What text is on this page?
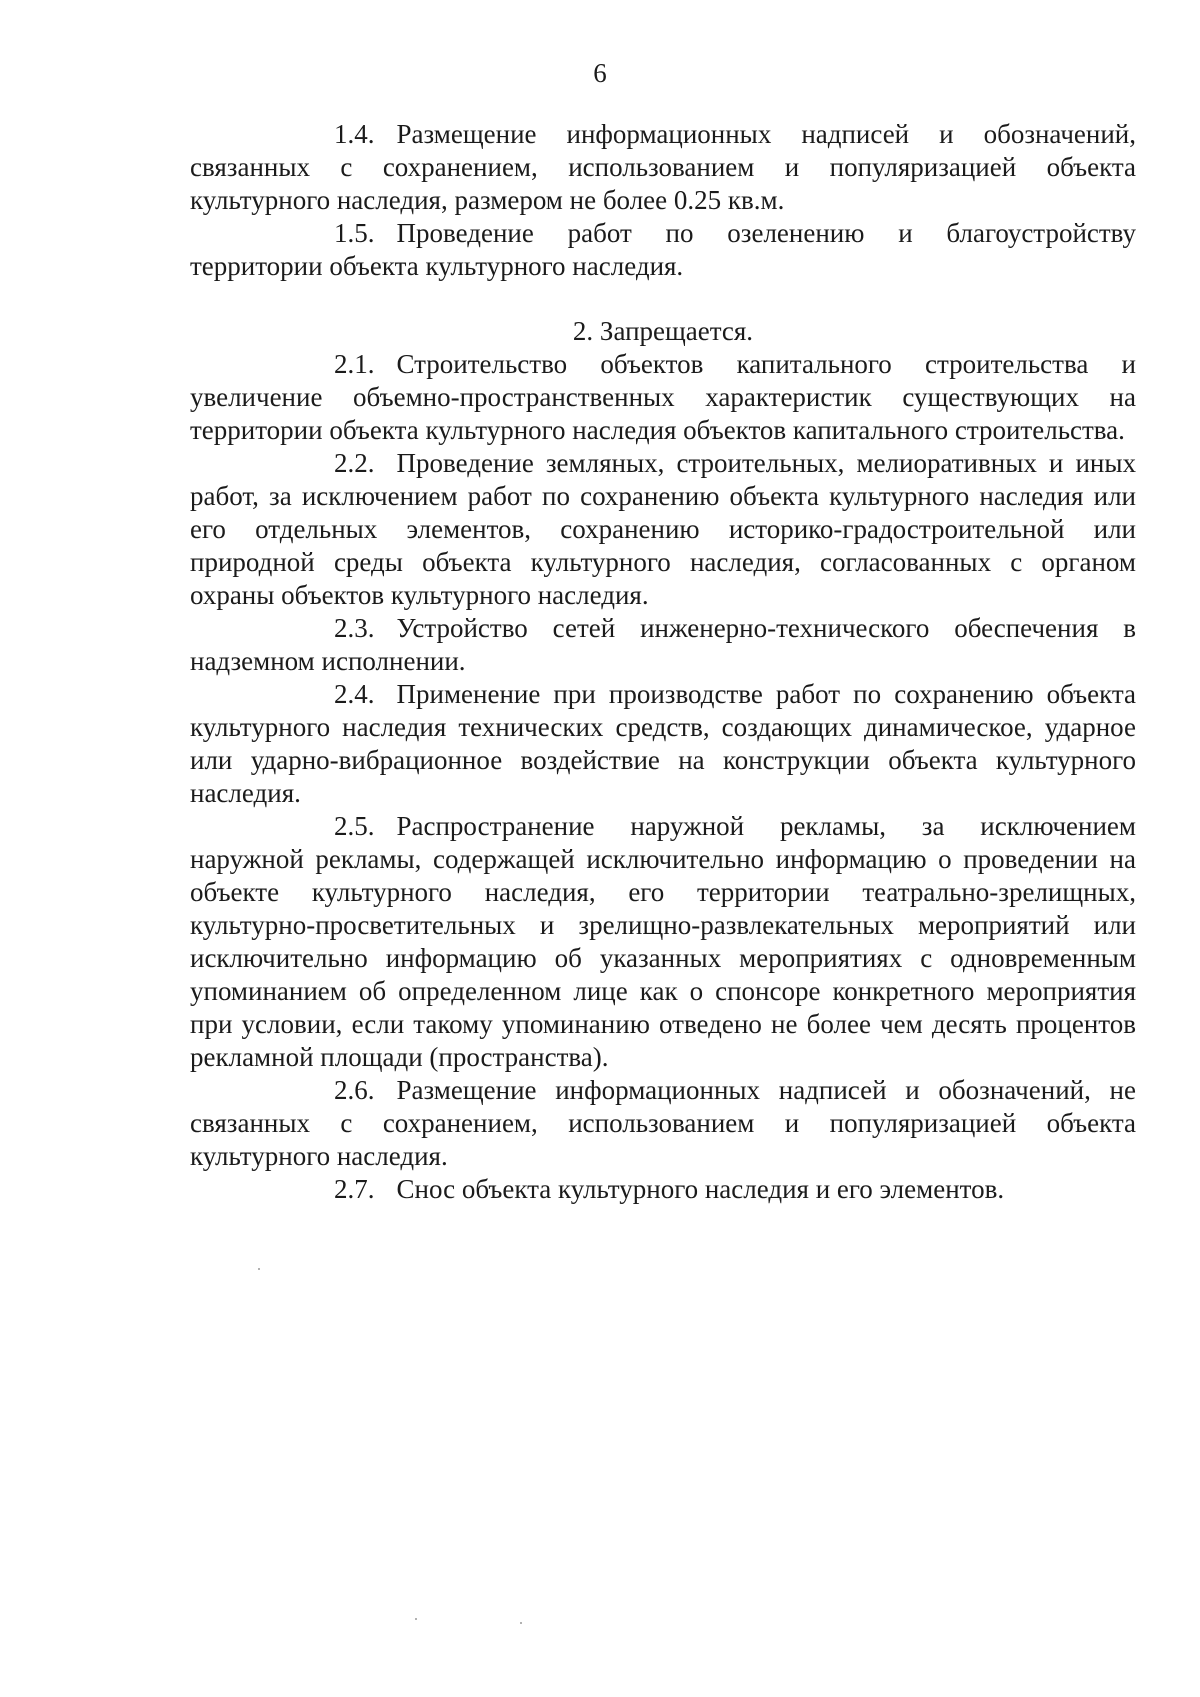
6

1.4. Размещение информационных надписей и обозначений, связанных с сохранением, использованием и популяризацией объекта культурного наследия, размером не более 0.25 кв.м.

1.5. Проведение работ по озеленению и благоустройству территории объекта культурного наследия.

2. Запрещается.

2.1. Строительство объектов капитального строительства и увеличение объемно-пространственных характеристик существующих на территории объекта культурного наследия объектов капитального строительства.

2.2. Проведение земляных, строительных, мелиоративных и иных работ, за исключением работ по сохранению объекта культурного наследия или его отдельных элементов, сохранению историко-градостроительной или природной среды объекта культурного наследия, согласованных с органом охраны объектов культурного наследия.

2.3. Устройство сетей инженерно-технического обеспечения в надземном исполнении.

2.4. Применение при производстве работ по сохранению объекта культурного наследия технических средств, создающих динамическое, ударное или ударно-вибрационное воздействие на конструкции объекта культурного наследия.

2.5. Распространение наружной рекламы, за исключением наружной рекламы, содержащей исключительно информацию о проведении на объекте культурного наследия, его территории театрально-зрелищных, культурно-просветительных и зрелищно-развлекательных мероприятий или исключительно информацию об указанных мероприятиях с одновременным упоминанием об определенном лице как о спонсоре конкретного мероприятия при условии, если такому упоминанию отведено не более чем десять процентов рекламной площади (пространства).

2.6. Размещение информационных надписей и обозначений, не связанных с сохранением, использованием и популяризацией объекта культурного наследия.

2.7. Снос объекта культурного наследия и его элементов.
